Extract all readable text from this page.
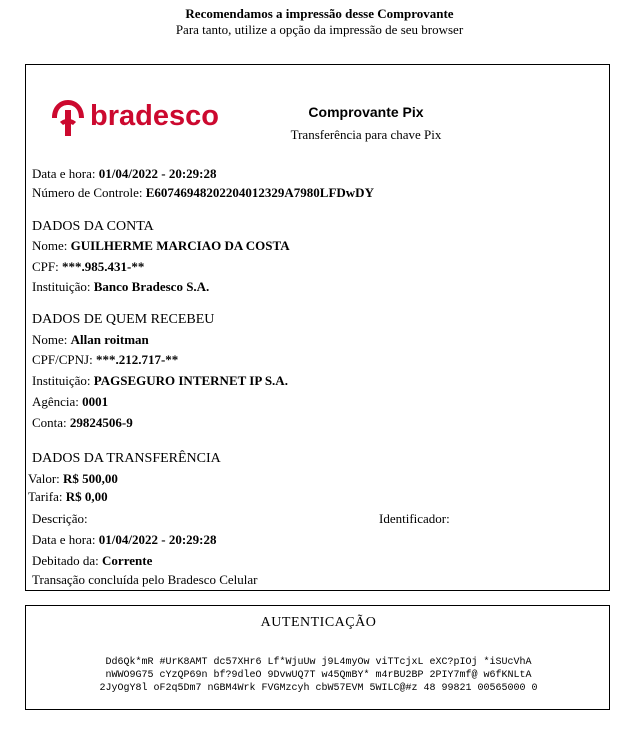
Recomendamos a impressão desse Comprovante
Para tanto, utilize a opção da impressão de seu browser
bradesco	Comprovante Pix
Transferência para chave Pix
Data e hora: 01/04/2022 - 20:29:28
Número de Controle: E60746948202204012329A7980LFDwDY
DADOS DA CONTA
Nome: GUILHERME MARCIAO DA COSTA
CPF: ***.985.431-**
Instituição: Banco Bradesco S.A.
DADOS DE QUEM RECEBEU
Nome: Allan roitman
CPF/CPNJ: ***.212.717-**
Instituição: PAGSEGURO INTERNET IP S.A.
Agência: 0001
Conta: 29824506-9
DADOS DA TRANSFERÊNCIA
Valor: R$ 500,00
Tarifa: R$ 0,00
Descrição:	Identificador:
Data e hora: 01/04/2022 - 20:29:28
Debitado da: Corrente
Transação concluída pelo Bradesco Celular
AUTENTICAÇÃO
Dd6Qk*mR #UrK8AMT dc57XHr6 Lf*WjuUw j9L4myOw viTTcjxL eXC?pIOj *iSUcVhA
nWWO9G75 cYzQP69n bf?9dleO 9DvwUQ7T w45QmBY* m4rBU2BP 2PIY7mf@ w6fKNLtA
2JyOgY8l oF2q5Dm7 nGBM4Wrk FVGMzcyh cbW57EVM 5WILC@#z 48 99821 00565000 0
